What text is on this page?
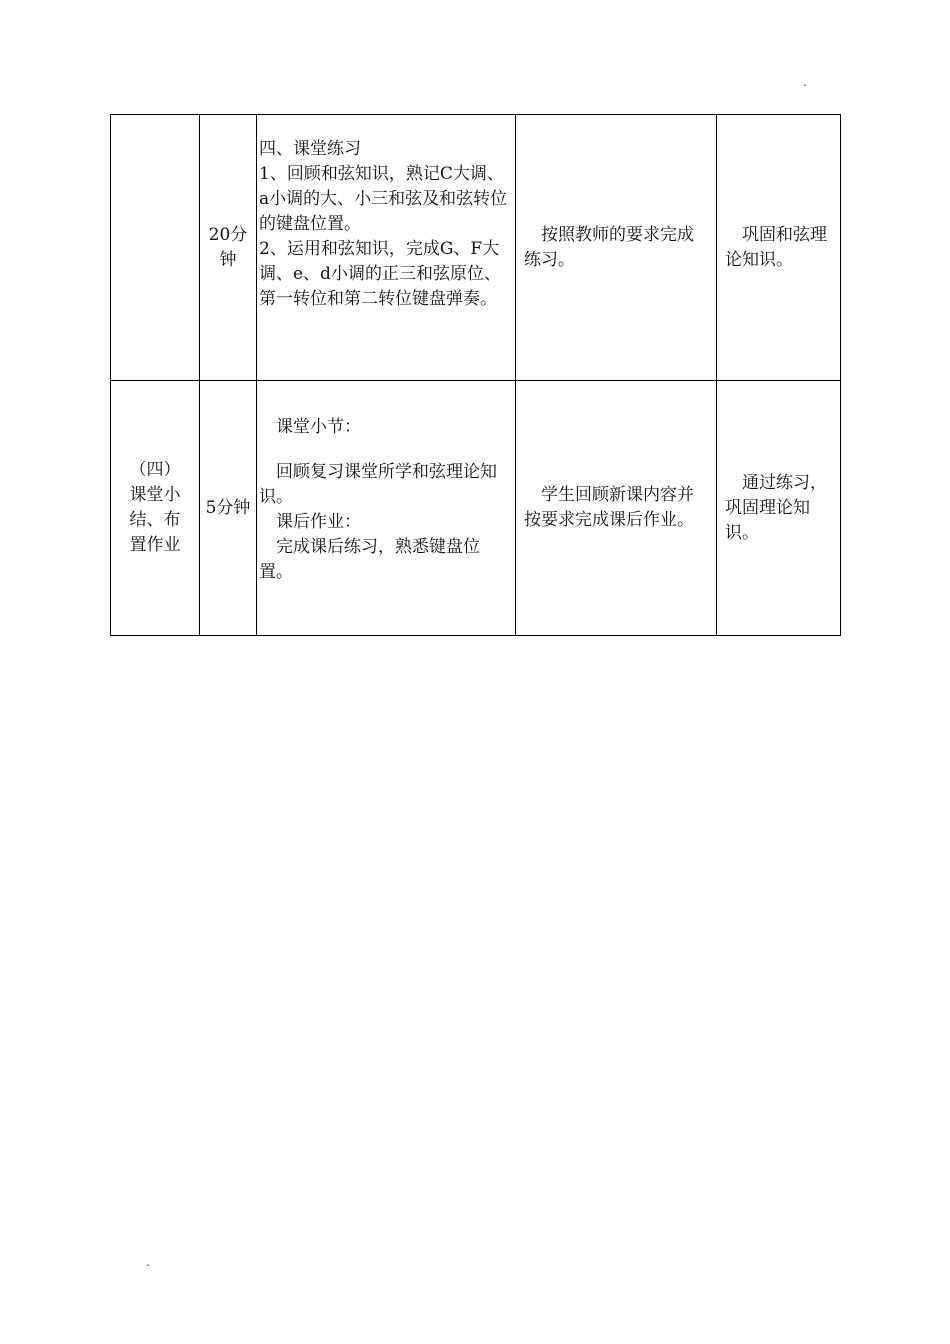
.
	20分钟	四、课堂练习
1、回顾和弦知识，熟记C大调、a小调的大、小三和弦及和弦转位的键盘位置。
2、运用和弦知识，完成G、F大调、e、d小调的正三和弦原位、第一转位和第二转位键盘弹奏。	按照教师的要求完成练习。	巩固和弦理论知识。
（四）课堂小结、布置作业	5分钟	课堂小节：
回顾复习课堂所学和弦理论知识。
课后作业：
完成课后练习，熟悉键盘位置。	学生回顾新课内容并按要求完成课后作业。	通过练习，巩固理论知识。
.
